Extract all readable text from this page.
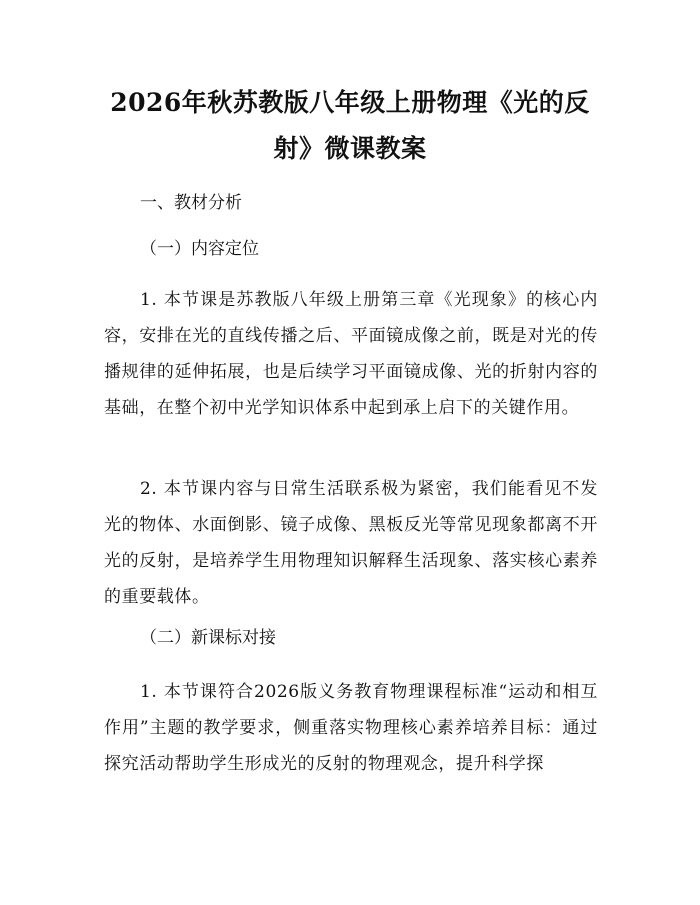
2026年秋苏教版八年级上册物理《光的反
射》微课教案
一、教材分析
（一）内容定位

1. 本节课是苏教版八年级上册第三章《光现象》的核心内容，安排在光的直线传播之后、平面镜成像之前，既是对光的传播规律的延伸拓展，也是后续学习平面镜成像、光的折射内容的基础，在整个初中光学知识体系中起到承上启下的关键作用。

2. 本节课内容与日常生活联系极为紧密，我们能看见不发光的物体、水面倒影、镜子成像、黑板反光等常见现象都离不开光的反射，是培养学生用物理知识解释生活现象、落实核心素养的重要载体。

（二）新课标对接

1. 本节课符合2026版义务教育物理课程标准“运动和相互作用”主题的教学要求，侧重落实物理核心素养培养目标：通过探究活动帮助学生形成光的反射的物理观念，提升科学探
